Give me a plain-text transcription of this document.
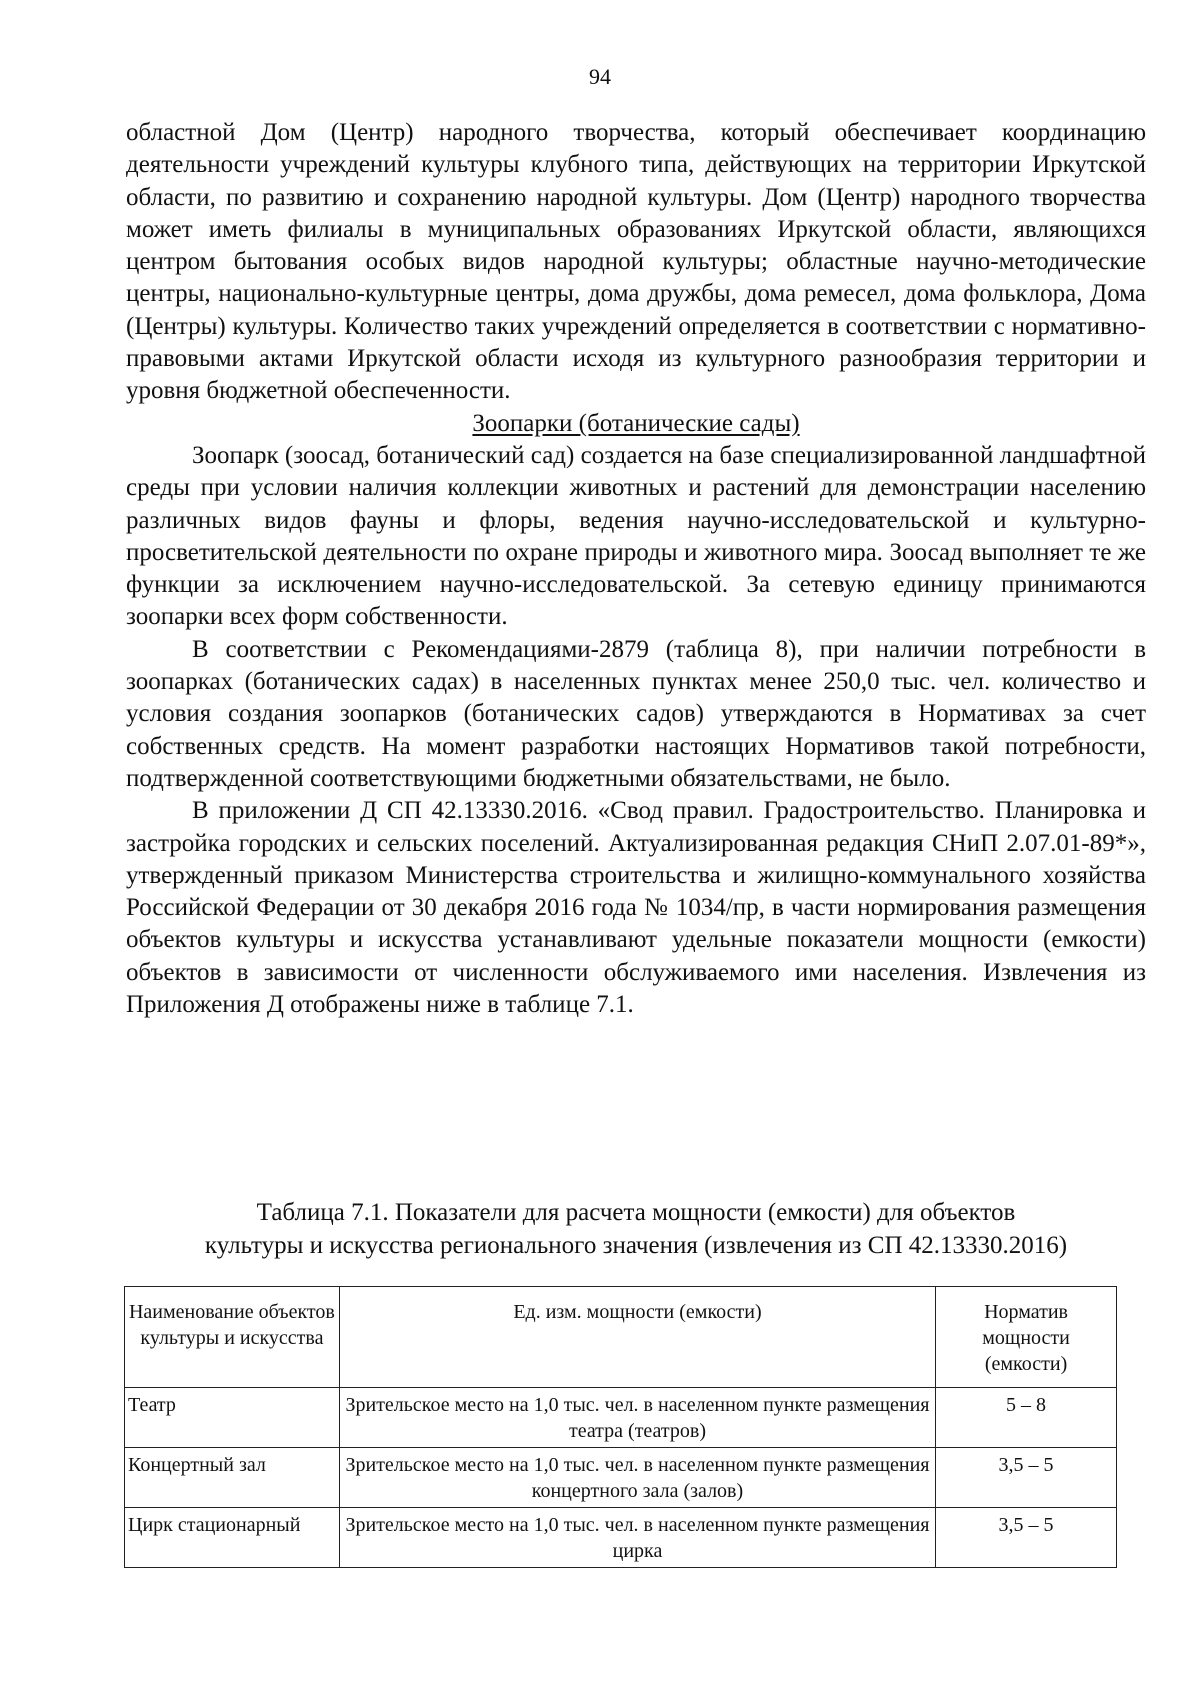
94

областной Дом (Центр) народного творчества, который обеспечивает координацию деятельности учреждений культуры клубного типа, действующих на территории Иркутской области, по развитию и сохранению народной культуры. Дом (Центр) народного творчества может иметь филиалы в муниципальных образованиях Иркутской области, являющихся центром бытования особых видов народной культуры; областные научно-методические центры, национально-культурные центры, дома дружбы, дома ремесел, дома фольклора, Дома (Центры) культуры. Количество таких учреждений определяется в соответствии с нормативно-правовыми актами Иркутской области исходя из культурного разнообразия территории и уровня бюджетной обеспеченности.

Зоопарки (ботанические сады)

Зоопарк (зоосад, ботанический сад) создается на базе специализированной ландшафтной среды при условии наличия коллекции животных и растений для демонстрации населению различных видов фауны и флоры, ведения научно-исследовательской и культурно-просветительской деятельности по охране природы и животного мира. Зоосад выполняет те же функции за исключением научно-исследовательской. За сетевую единицу принимаются зоопарки всех форм собственности.

В соответствии с Рекомендациями-2879 (таблица 8), при наличии потребности в зоопарках (ботанических садах) в населенных пунктах менее 250,0 тыс. чел. количество и условия создания зоопарков (ботанических садов) утверждаются в Нормативах за счет собственных средств. На момент разработки настоящих Нормативов такой потребности, подтвержденной соответствующими бюджетными обязательствами, не было.

В приложении Д СП 42.13330.2016. «Свод правил. Градостроительство. Планировка и застройка городских и сельских поселений. Актуализированная редакция СНиП 2.07.01-89*», утвержденный приказом Министерства строительства и жилищно-коммунального хозяйства Российской Федерации от 30 декабря 2016 года № 1034/пр, в части нормирования размещения объектов культуры и искусства устанавливают удельные показатели мощности (емкости) объектов в зависимости от численности обслуживаемого ими населения. Извлечения из Приложения Д отображены ниже в таблице 7.1.

Таблица 7.1. Показатели для расчета мощности (емкости) для объектов
культуры и искусства регионального значения (извлечения из СП 42.13330.2016)
Наименование объектов культуры и искусства	Ед. изм. мощности (емкости)	Норматив мощности (емкости)
Театр	Зрительское место на 1,0 тыс. чел. в населенном пункте размещения театра (театров)	5 – 8
Концертный зал	Зрительское место на 1,0 тыс. чел. в населенном пункте размещения концертного зала (залов)	3,5 – 5
Цирк стационарный	Зрительское место на 1,0 тыс. чел. в населенном пункте размещения цирка	3,5 – 5
